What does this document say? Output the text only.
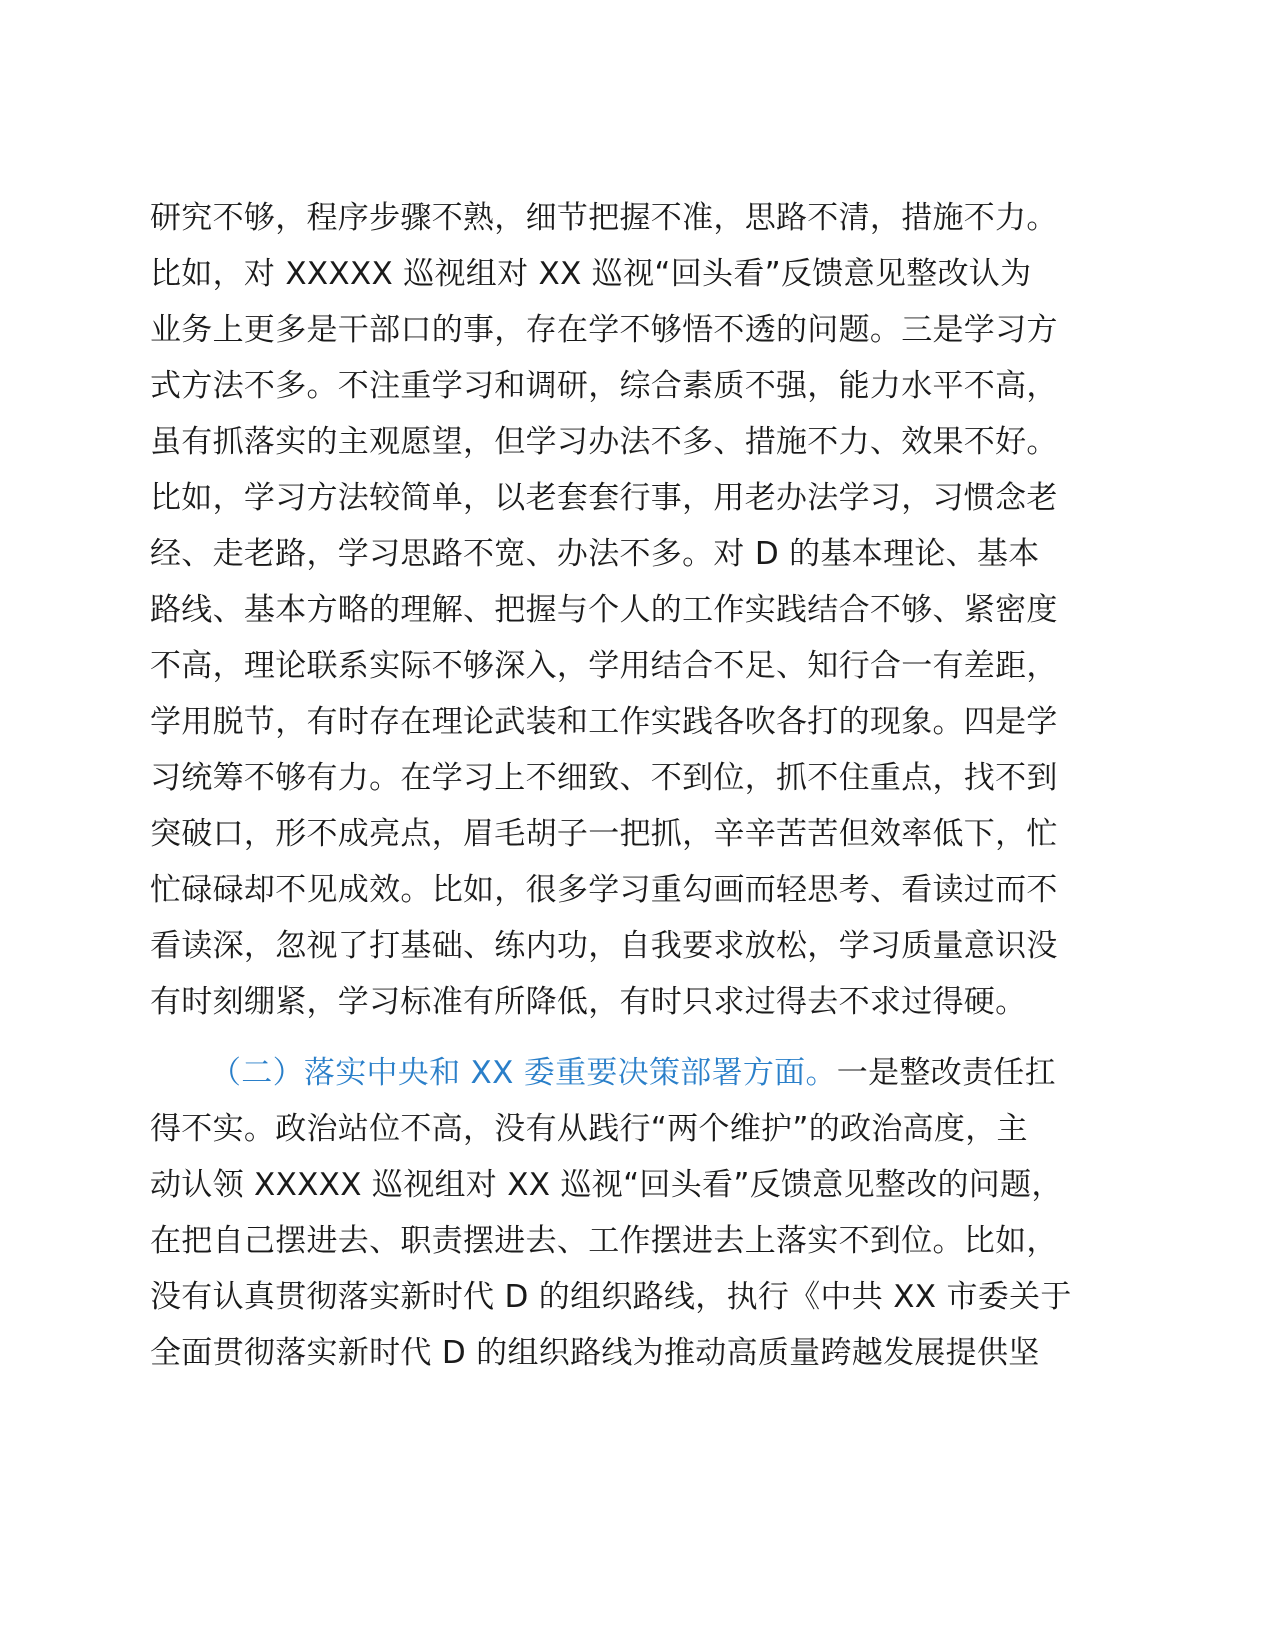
研究不够，程序步骤不熟，细节把握不准，思路不清，措施不力。
比如，对 XXXXX 巡视组对 XX 巡视“回头看”反馈意见整改认为
业务上更多是干部口的事，存在学不够悟不透的问题。三是学习方
式方法不多。不注重学习和调研，综合素质不强，能力水平不高，
虽有抓落实的主观愿望，但学习办法不多、措施不力、效果不好。
比如，学习方法较简单，以老套套行事，用老办法学习，习惯念老
经、走老路，学习思路不宽、办法不多。对 D 的基本理论、基本
路线、基本方略的理解、把握与个人的工作实践结合不够、紧密度
不高，理论联系实际不够深入，学用结合不足、知行合一有差距，
学用脱节，有时存在理论武装和工作实践各吹各打的现象。四是学
习统筹不够有力。在学习上不细致、不到位，抓不住重点，找不到
突破口，形不成亮点，眉毛胡子一把抓，辛辛苦苦但效率低下，忙
忙碌碌却不见成效。比如，很多学习重勾画而轻思考、看读过而不
看读深，忽视了打基础、练内功，自我要求放松，学习质量意识没
有时刻绷紧，学习标准有所降低，有时只求过得去不求过得硬。
（二）落实中央和 XX 委重要决策部署方面。一是整改责任扛
得不实。政治站位不高，没有从践行“两个维护”的政治高度，主
动认领 XXXXX 巡视组对 XX 巡视“回头看”反馈意见整改的问题，
在把自己摆进去、职责摆进去、工作摆进去上落实不到位。比如，
没有认真贯彻落实新时代 D 的组织路线，执行《中共 XX 市委关于
全面贯彻落实新时代 D 的组织路线为推动高质量跨越发展提供坚
